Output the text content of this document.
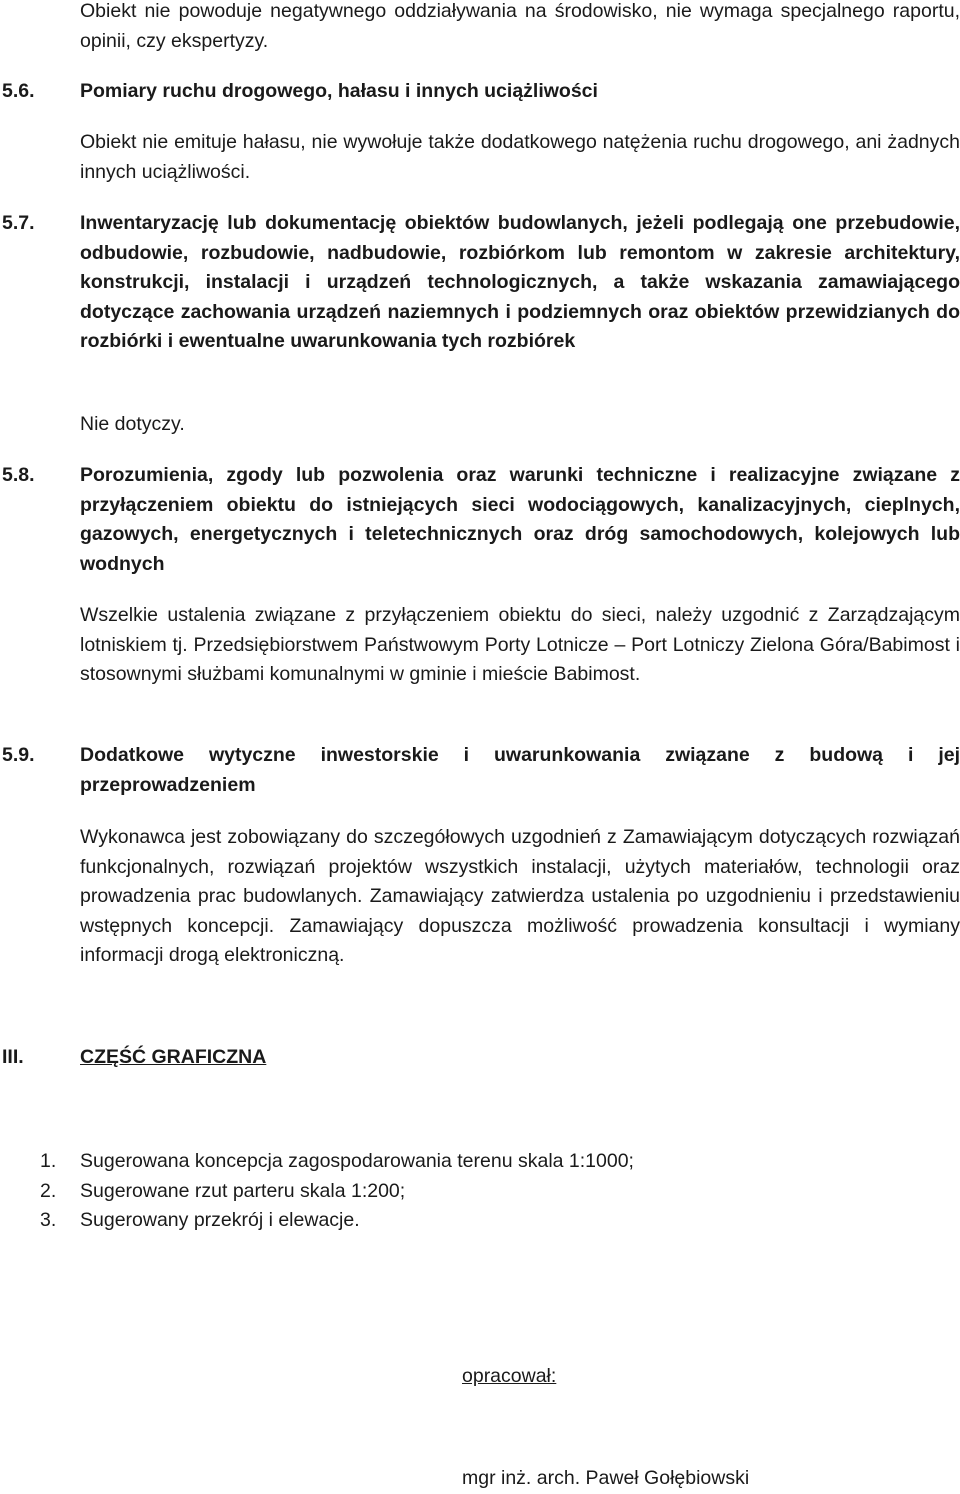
Obiekt nie powoduje negatywnego oddziaływania na środowisko, nie wymaga specjalnego raportu, opinii, czy ekspertyzy.
5.6. Pomiary ruchu drogowego, hałasu i innych uciążliwości
Obiekt nie emituje hałasu, nie wywołuje także dodatkowego natężenia ruchu drogowego, ani żadnych innych uciążliwości.
5.7. Inwentaryzację lub dokumentację obiektów budowlanych, jeżeli podlegają one przebudowie, odbudowie, rozbudowie, nadbudowie, rozbiórkom lub remontom w zakresie architektury, konstrukcji, instalacji i urządzeń technologicznych, a także wskazania zamawiającego dotyczące zachowania urządzeń naziemnych i podziemnych oraz obiektów przewidzianych do rozbiórki i ewentualne uwarunkowania tych rozbiórek
Nie dotyczy.
5.8. Porozumienia, zgody lub pozwolenia oraz warunki techniczne i realizacyjne związane z przyłączeniem obiektu do istniejących sieci wodociągowych, kanalizacyjnych, cieplnych, gazowych, energetycznych i teletechnicznych oraz dróg samochodowych, kolejowych lub wodnych
Wszelkie ustalenia związane z przyłączeniem obiektu do sieci, należy uzgodnić z Zarządzającym lotniskiem tj. Przedsiębiorstwem Państwowym Porty Lotnicze – Port Lotniczy Zielona Góra/Babimost i stosownymi służbami komunalnymi w gminie i mieście Babimost.
5.9. Dodatkowe wytyczne inwestorskie i uwarunkowania związane z budową i jej przeprowadzeniem
Wykonawca jest zobowiązany do szczegółowych uzgodnień z Zamawiającym dotyczących rozwiązań funkcjonalnych, rozwiązań projektów wszystkich instalacji, użytych materiałów, technologii oraz prowadzenia prac budowlanych. Zamawiający zatwierdza ustalenia po uzgodnieniu i przedstawieniu wstępnych koncepcji. Zamawiający dopuszcza możliwość prowadzenia konsultacji i wymiany informacji drogą elektroniczną.
III.	CZĘŚĆ GRAFICZNA
1.	Sugerowana koncepcja zagospodarowania terenu skala 1:1000;
2.	Sugerowane rzut parteru skala 1:200;
3.	Sugerowany przekrój i elewacje.
opracował:
mgr inż. arch. Paweł Gołębiowski
